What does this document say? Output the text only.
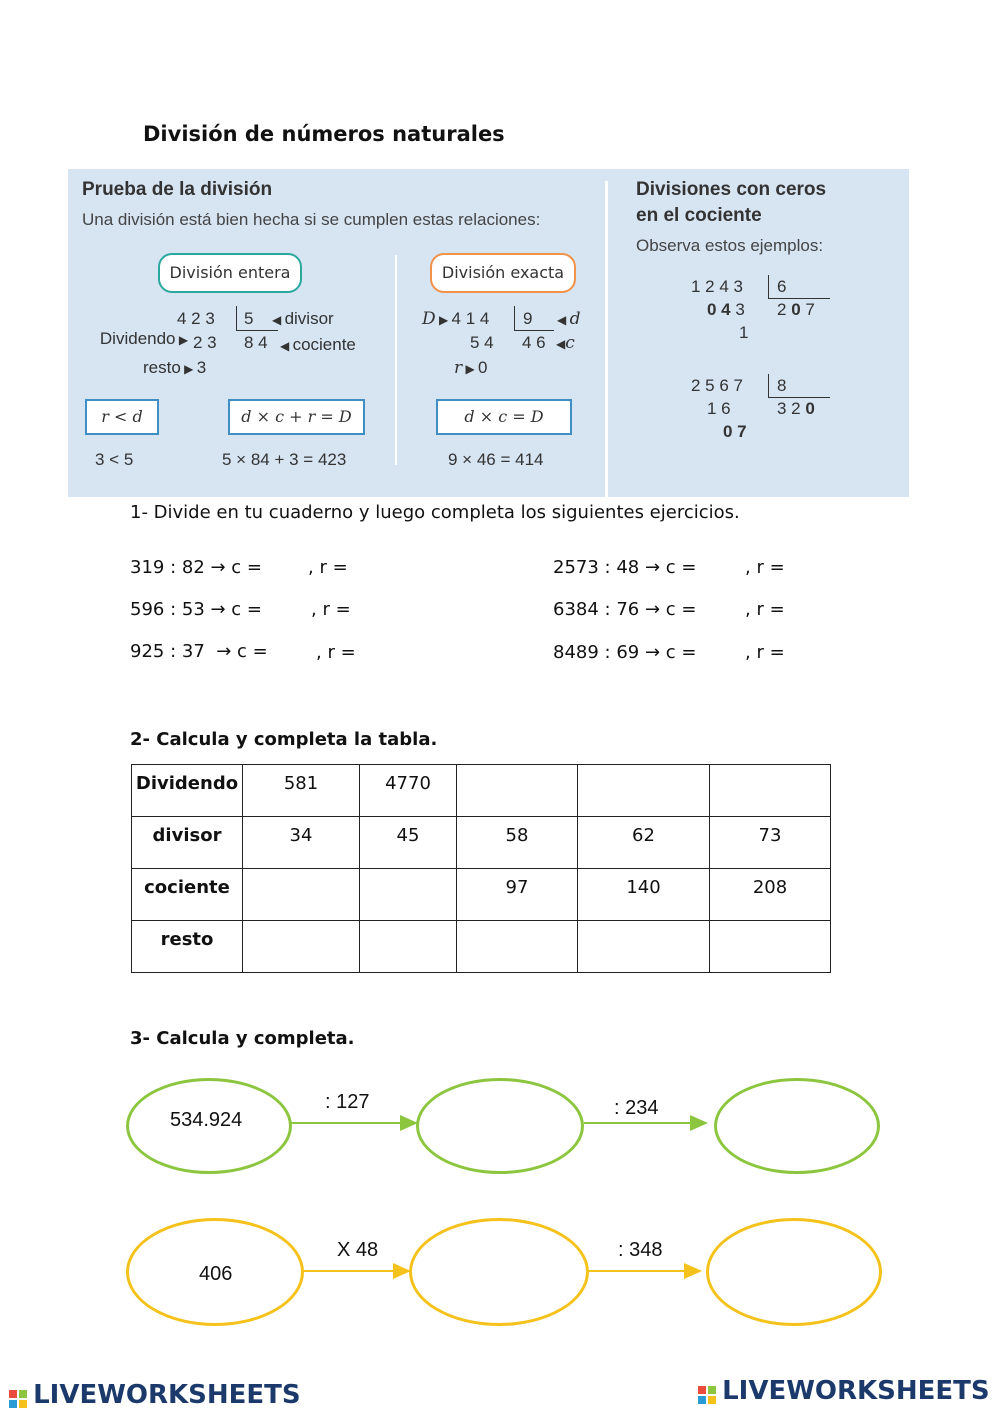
División de números naturales
Prueba de la división
Una división está bien hecha si se cumplen estas relaciones:
División entera	División exacta

Dividendo ▶

4 2 3 5 ◀ divisor
2 3 8 4 ◀ cociente
resto ▶ 3
r < d	d × c + r = D
3 < 5	5 × 84 + 3 = 423
D ▶ 4 1 4 9 ◀ d
5 4 4 6 ◀c
r ▶ 0
d × c = D
9 × 46 = 414
Divisiones con ceros
en el cociente
Observa estos ejemplos:
1 2 4 3 6
0 4 3 2 0 7
1
2 5 6 7 8
1 6	3 2 0
0 7
1- Divide en tu cuaderno y luego completa los siguientes ejercicios.
319 : 82 → c =	, r =
596 : 53 → c =	, r =
925 : 37  → c =	, r =
2573 : 48 → c =	, r =
6384 : 76 → c =	, r =
8489 : 69 → c =	, r =
2- Calcula y completa la tabla.
Dividendo	581	4770			
divisor	34	45	58	62	73
cociente			97	140	208
resto					
3- Calcula y completa.
534.924
: 127	: 234
406
X 48	: 348
LIVEWORKSHEETS	LIVEWORKSHEETS
